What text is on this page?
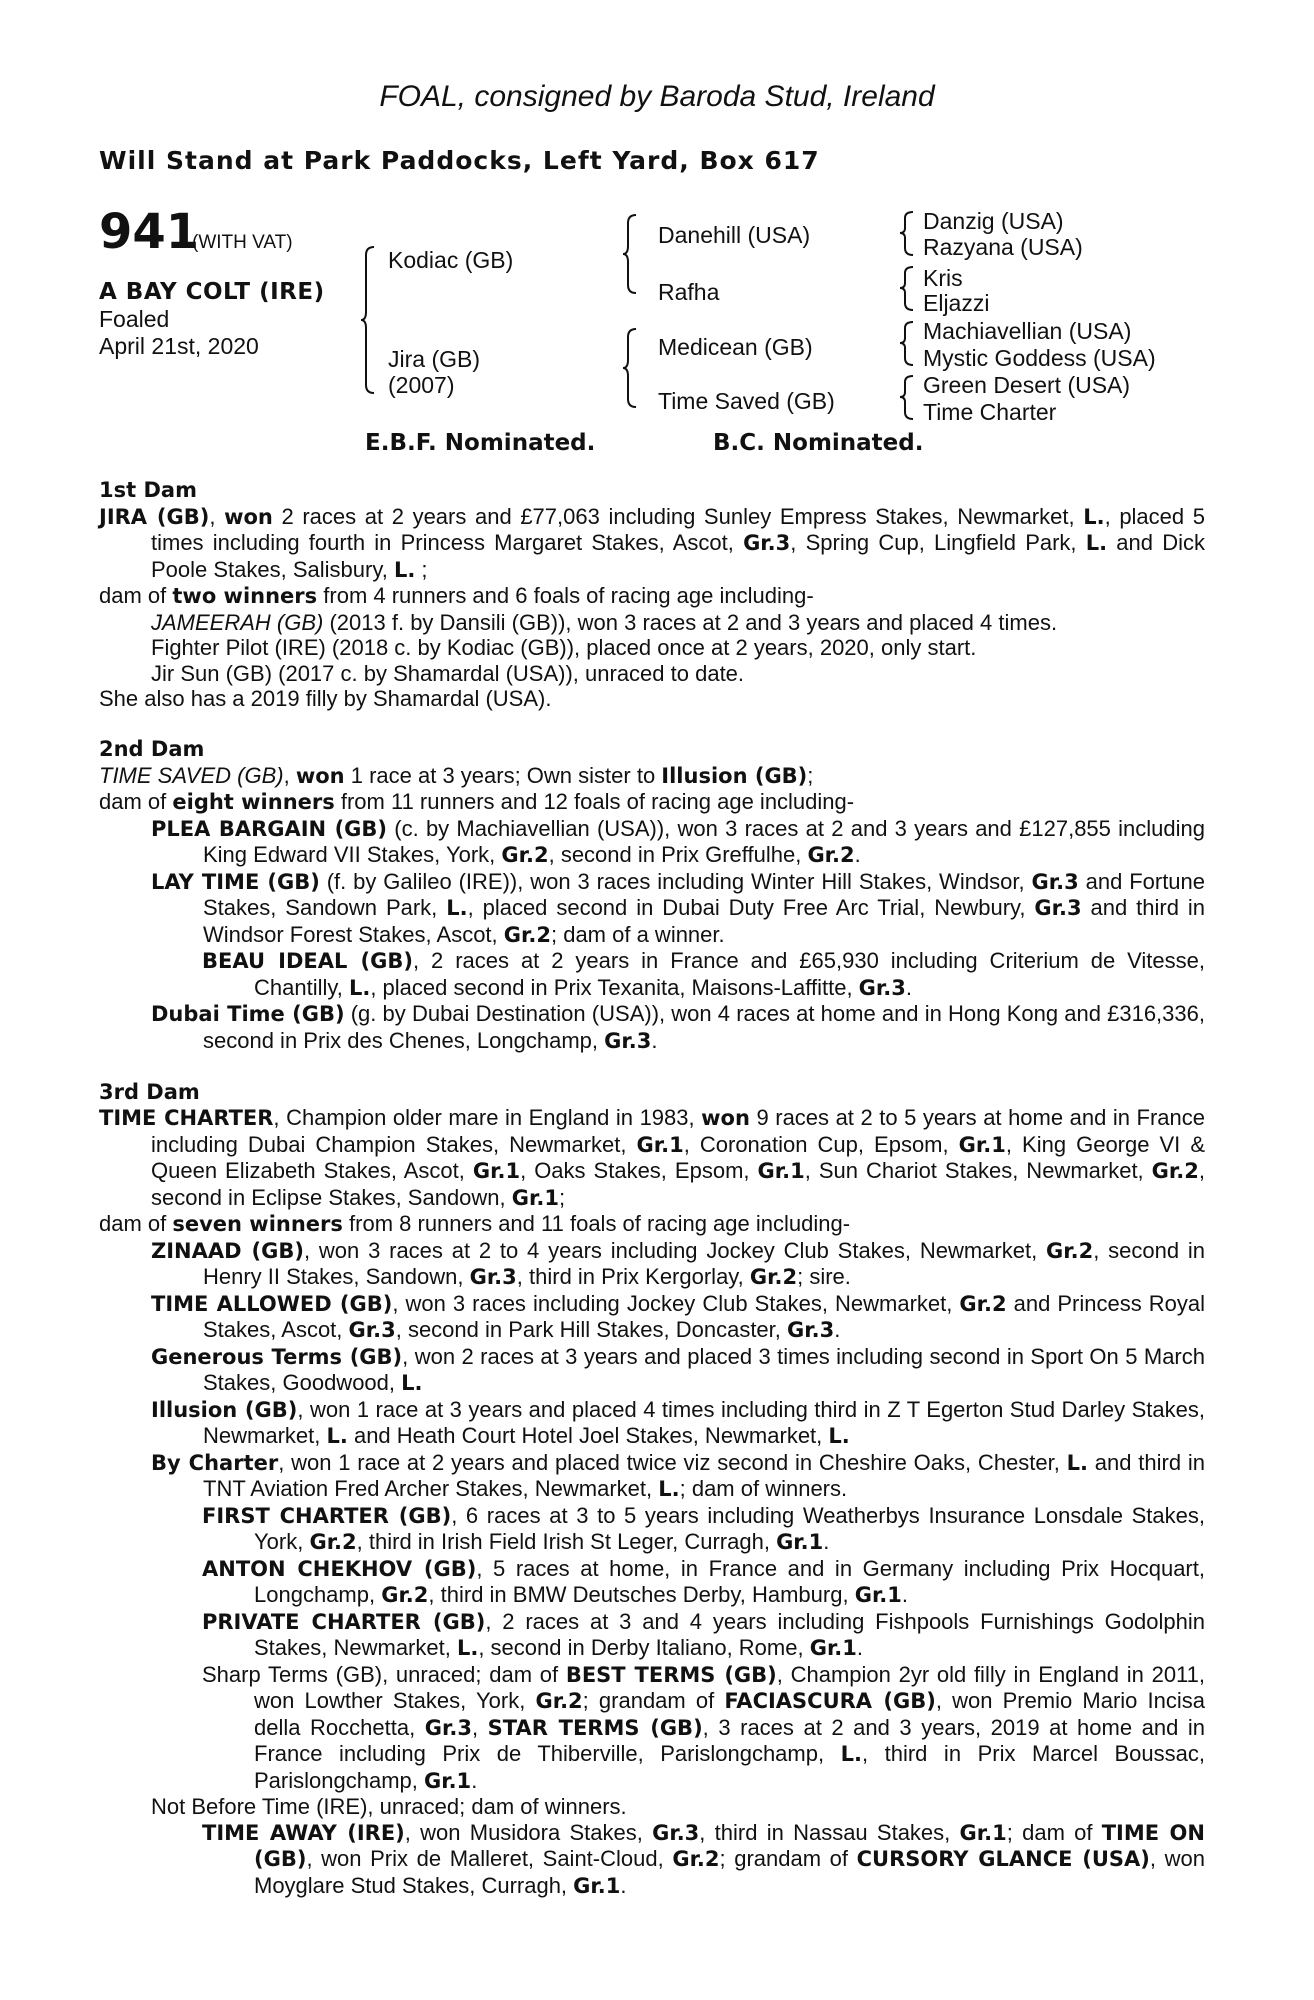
FOAL, consigned by Baroda Stud, Ireland
Will Stand at Park Paddocks, Left Yard, Box 617
941
(WITH VAT)
A BAY COLT (IRE)
Foaled
April 21st, 2020
Kodiac (GB)
Jira (GB)
(2007)
Danehill (USA)
Rafha
Medicean (GB)
Time Saved (GB)
Danzig (USA)
Razyana (USA)
Kris
Eljazzi
Machiavellian (USA)
Mystic Goddess (USA)
Green Desert (USA)
Time Charter
E.B.F. Nominated.	B.C. Nominated.
1st Dam
JIRA (GB), won 2 races at 2 years and £77,063 including Sunley Empress Stakes, Newmarket, L., placed 5 times including fourth in Princess Margaret Stakes, Ascot, Gr.3, Spring Cup, Lingfield Park, L. and Dick Poole Stakes, Salisbury, L. ;
dam of two winners from 4 runners and 6 foals of racing age including-
JAMEERAH (GB) (2013 f. by Dansili (GB)), won 3 races at 2 and 3 years and placed 4 times.
Fighter Pilot (IRE) (2018 c. by Kodiac (GB)), placed once at 2 years, 2020, only start.
Jir Sun (GB) (2017 c. by Shamardal (USA)), unraced to date.
She also has a 2019 filly by Shamardal (USA).
2nd Dam
TIME SAVED (GB), won 1 race at 3 years; Own sister to Illusion (GB);
dam of eight winners from 11 runners and 12 foals of racing age including-
PLEA BARGAIN (GB) (c. by Machiavellian (USA)), won 3 races at 2 and 3 years and £127,855 including King Edward VII Stakes, York, Gr.2, second in Prix Greffulhe, Gr.2.
LAY TIME (GB) (f. by Galileo (IRE)), won 3 races including Winter Hill Stakes, Windsor, Gr.3 and Fortune Stakes, Sandown Park, L., placed second in Dubai Duty Free Arc Trial, Newbury, Gr.3 and third in Windsor Forest Stakes, Ascot, Gr.2; dam of a winner.
BEAU IDEAL (GB), 2 races at 2 years in France and £65,930 including Criterium de Vitesse, Chantilly, L., placed second in Prix Texanita, Maisons-Laffitte, Gr.3.
Dubai Time (GB) (g. by Dubai Destination (USA)), won 4 races at home and in Hong Kong and £316,336, second in Prix des Chenes, Longchamp, Gr.3.
3rd Dam
TIME CHARTER, Champion older mare in England in 1983, won 9 races at 2 to 5 years at home and in France including Dubai Champion Stakes, Newmarket, Gr.1, Coronation Cup, Epsom, Gr.1, King George VI & Queen Elizabeth Stakes, Ascot, Gr.1, Oaks Stakes, Epsom, Gr.1, Sun Chariot Stakes, Newmarket, Gr.2, second in Eclipse Stakes, Sandown, Gr.1;
dam of seven winners from 8 runners and 11 foals of racing age including-
ZINAAD (GB), won 3 races at 2 to 4 years including Jockey Club Stakes, Newmarket, Gr.2, second in Henry II Stakes, Sandown, Gr.3, third in Prix Kergorlay, Gr.2; sire.
TIME ALLOWED (GB), won 3 races including Jockey Club Stakes, Newmarket, Gr.2 and Princess Royal Stakes, Ascot, Gr.3, second in Park Hill Stakes, Doncaster, Gr.3.
Generous Terms (GB), won 2 races at 3 years and placed 3 times including second in Sport On 5 March Stakes, Goodwood, L.
Illusion (GB), won 1 race at 3 years and placed 4 times including third in Z T Egerton Stud Darley Stakes, Newmarket, L. and Heath Court Hotel Joel Stakes, Newmarket, L.
By Charter, won 1 race at 2 years and placed twice viz second in Cheshire Oaks, Chester, L. and third in TNT Aviation Fred Archer Stakes, Newmarket, L.; dam of winners.
FIRST CHARTER (GB), 6 races at 3 to 5 years including Weatherbys Insurance Lonsdale Stakes, York, Gr.2, third in Irish Field Irish St Leger, Curragh, Gr.1.
ANTON CHEKHOV (GB), 5 races at home, in France and in Germany including Prix Hocquart, Longchamp, Gr.2, third in BMW Deutsches Derby, Hamburg, Gr.1.
PRIVATE CHARTER (GB), 2 races at 3 and 4 years including Fishpools Furnishings Godolphin Stakes, Newmarket, L., second in Derby Italiano, Rome, Gr.1.
Sharp Terms (GB), unraced; dam of BEST TERMS (GB), Champion 2yr old filly in England in 2011, won Lowther Stakes, York, Gr.2; grandam of FACIASCURA (GB), won Premio Mario Incisa della Rocchetta, Gr.3, STAR TERMS (GB), 3 races at 2 and 3 years, 2019 at home and in France including Prix de Thiberville, Parislongchamp, L., third in Prix Marcel Boussac, Parislongchamp, Gr.1.
Not Before Time (IRE), unraced; dam of winners.
TIME AWAY (IRE), won Musidora Stakes, Gr.3, third in Nassau Stakes, Gr.1; dam of TIME ON (GB), won Prix de Malleret, Saint-Cloud, Gr.2; grandam of CURSORY GLANCE (USA), won Moyglare Stud Stakes, Curragh, Gr.1.
